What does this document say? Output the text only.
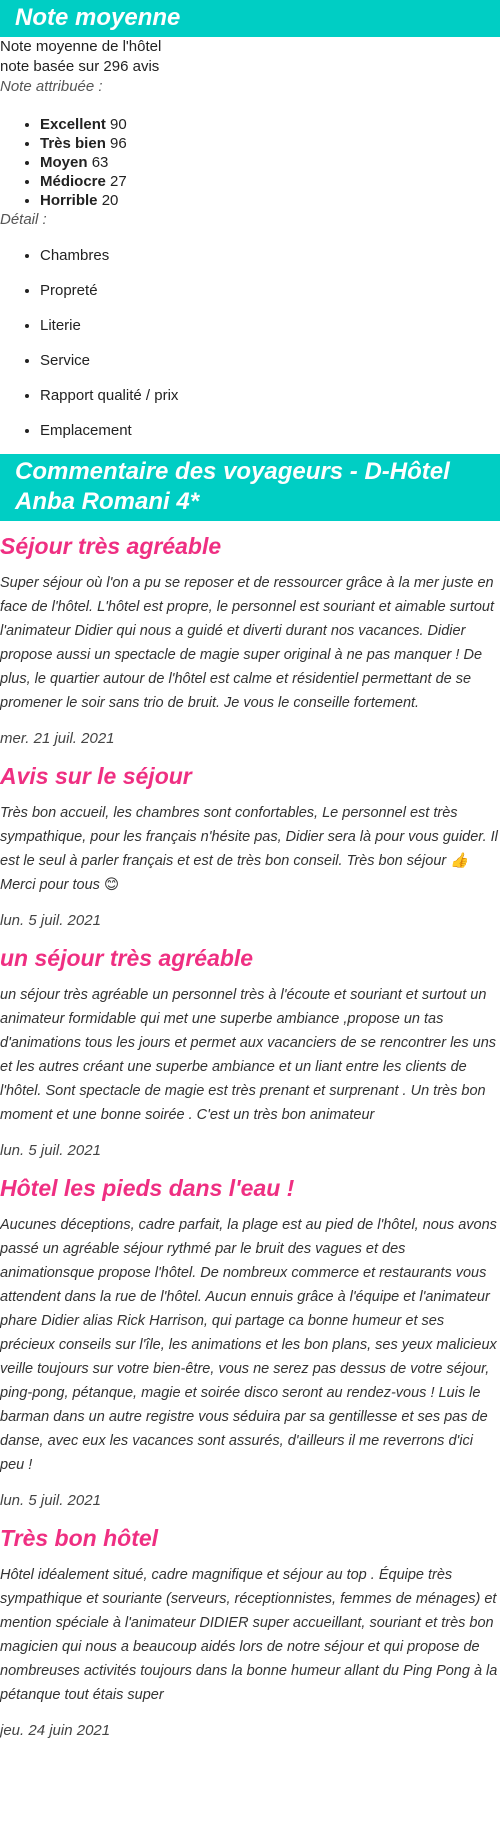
Note moyenne

Note moyenne de l'hôtel

note basée sur 296 avis

Note attribuée :

• Excellent 90
• Très bien 96
• Moyen 63
• Médiocre 27
• Horrible 20

Détail :

• Chambres
• Propreté
• Literie
• Service
• Rapport qualité / prix
• Emplacement
Commentaire des voyageurs - D-Hôtel Anba Romani 4*
Séjour très agréable

Super séjour où l'on a pu se reposer et de ressourcer grâce à la mer juste en face de l'hôtel. L'hôtel est propre, le personnel est souriant et aimable surtout l'animateur Didier qui nous a guidé et diverti durant nos vacances. Didier propose aussi un spectacle de magie super original à ne pas manquer ! De plus, le quartier autour de l'hôtel est calme et résidentiel permettant de se promener le soir sans trio de bruit. Je vous le conseille fortement.

mer. 21 juil. 2021

Avis sur le séjour

Très bon accueil, les chambres sont confortables, Le personnel est très sympathique, pour les français n'hésite pas, Didier sera là pour vous guider. Il est le seul à parler français et est de très bon conseil. Très bon séjour 👍 Merci pour tous 😊

lun. 5 juil. 2021

un séjour très agréable

un séjour très agréable un personnel très à l'écoute et souriant et surtout un animateur formidable qui met une superbe ambiance ,propose un tas d'animations tous les jours et permet aux vacanciers de se rencontrer les uns et les autres créant une superbe ambiance et un liant entre les clients de l'hôtel. Sont spectacle de magie est très prenant et surprenant . Un très bon moment et une bonne soirée . C'est un très bon animateur

lun. 5 juil. 2021

Hôtel les pieds dans l'eau !

Aucunes déceptions, cadre parfait, la plage est au pied de l'hôtel, nous avons passé un agréable séjour rythmé par le bruit des vagues et des animationsque propose l'hôtel. De nombreux commerce et restaurants vous attendent dans la rue de l'hôtel. Aucun ennuis grâce à l'équipe et l'animateur phare Didier alias Rick Harrison, qui partage ca bonne humeur et ses précieux conseils sur l'île, les animations et les bon plans, ses yeux malicieux veille toujours sur votre bien-être, vous ne serez pas dessus de votre séjour, ping-pong, pétanque, magie et soirée disco seront au rendez-vous ! Luis le barman dans un autre registre vous séduira par sa gentillesse et ses pas de danse, avec eux les vacances sont assurés, d'ailleurs il me reverrons d'ici peu !

lun. 5 juil. 2021

Très bon hôtel

Hôtel idéalement situé, cadre magnifique et séjour au top . Équipe très sympathique et souriante (serveurs, réceptionnistes, femmes de ménages) et mention spéciale à l'animateur DIDIER super accueillant, souriant et très bon magicien qui nous a beaucoup aidés lors de notre séjour et qui propose de nombreuses activités toujours dans la bonne humeur allant du Ping Pong à la pétanque tout étais super

jeu. 24 juin 2021
